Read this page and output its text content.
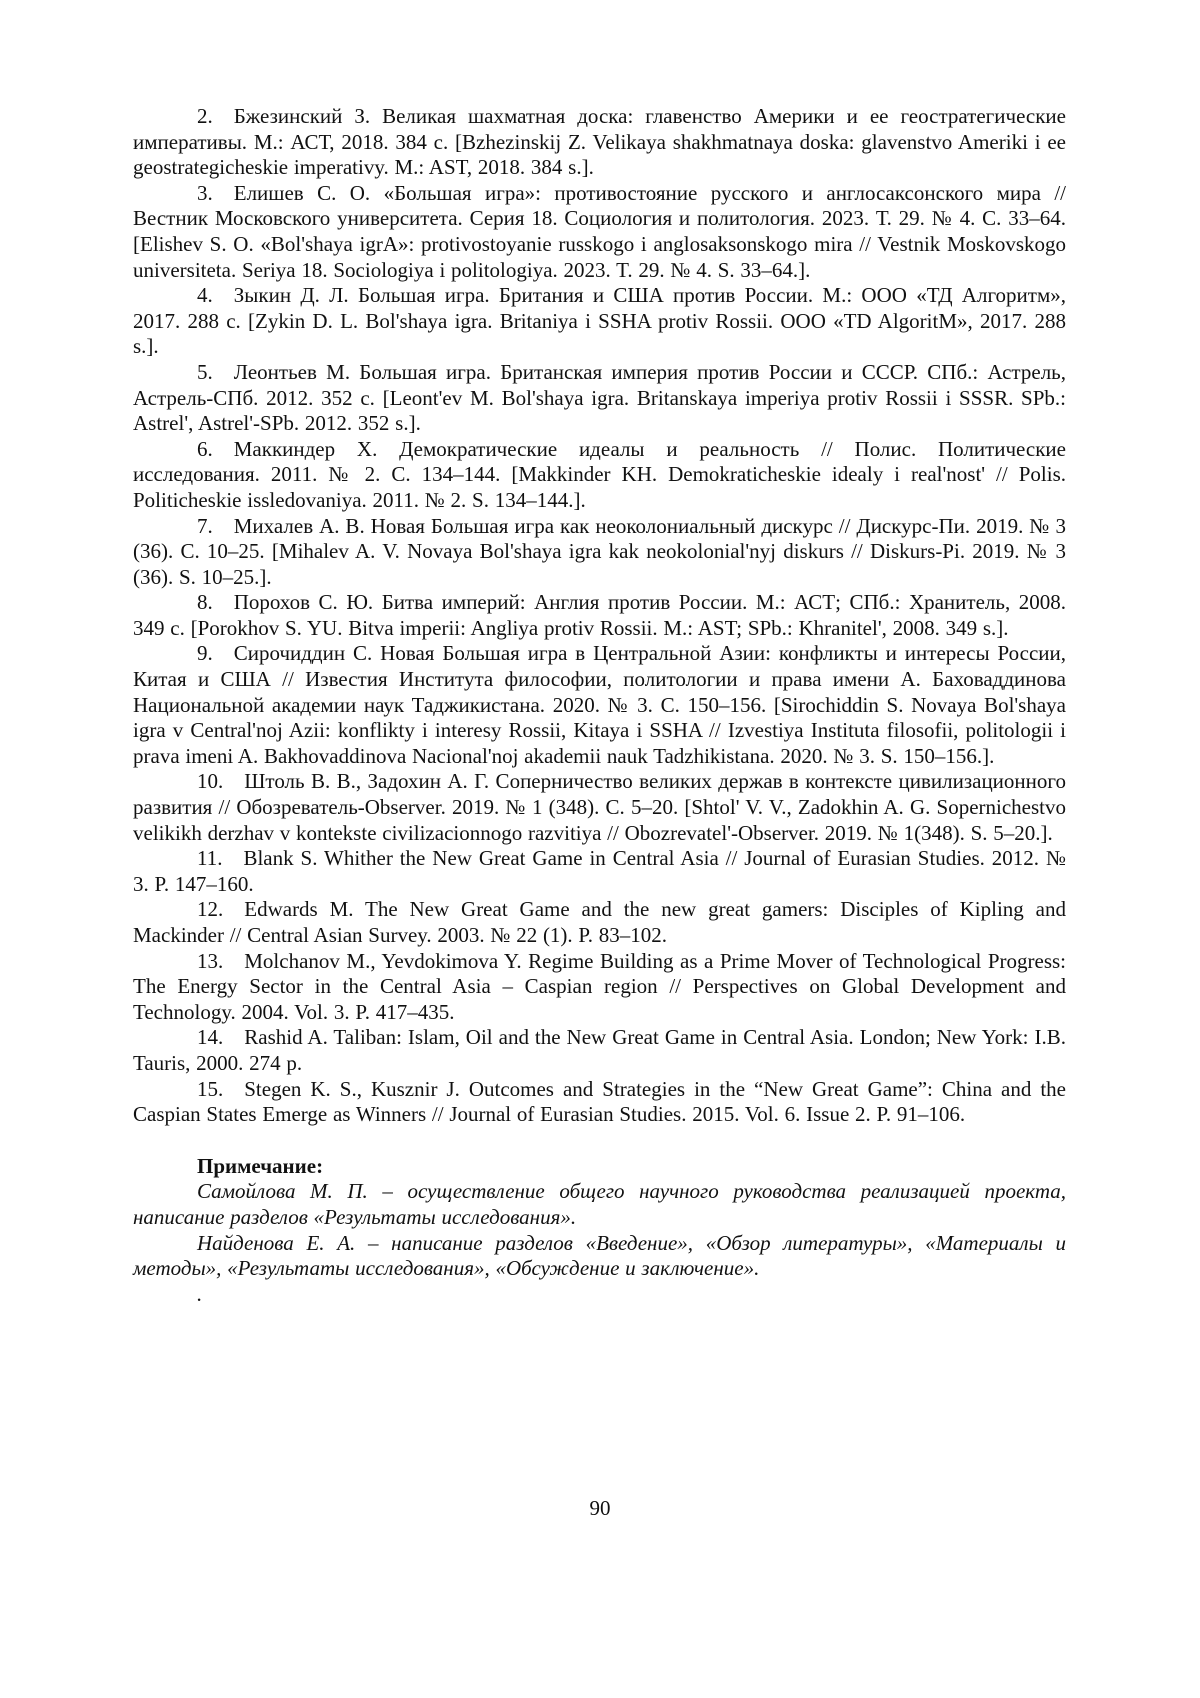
2. Бжезинский З. Великая шахматная доска: главенство Америки и ее геостратегические императивы. М.: АСТ, 2018. 384 с. [Bzhezinskij Z. Velikaya shakhmatnaya doska: glavenstvo Ameriki i ee geostrategicheskie imperativy. M.: AST, 2018. 384 s.].

3. Елишев С. О. «Большая игра»: противостояние русского и англосаксонского мира // Вестник Московского университета. Серия 18. Социология и политология. 2023. Т. 29. № 4. С. 33–64. [Elishev S. O. «Bol'shaya igrA»: protivostoyanie russkogo i anglosaksonskogo mira // Vestnik Moskovskogo universiteta. Seriya 18. Sociologiya i politologiya. 2023. T. 29. № 4. S. 33–64.].

4. Зыкин Д. Л. Большая игра. Британия и США против России. М.: ООО «ТД Алгоритм», 2017. 288 с. [Zykin D. L. Bol'shaya igra. Britaniya i SSHA protiv Rossii. OOO «TD AlgoritM», 2017. 288 s.].

5. Леонтьев М. Большая игра. Британская империя против России и СССР. СПб.: Астрель, Астрель-СПб. 2012. 352 с. [Leont'ev M. Bol'shaya igra. Britanskaya imperiya protiv Rossii i SSSR. SPb.: Astrel', Astrel'-SPb. 2012. 352 s.].

6. Маккиндер Х. Демократические идеалы и реальность // Полис. Политические исследования. 2011. № 2. С. 134–144. [Makkinder KH. Demokraticheskie idealy i real'nost' // Polis. Politicheskie issledovaniya. 2011. № 2. S. 134–144.].

7. Михалев А. В. Новая Большая игра как неоколониальный дискурс // Дискурс-Пи. 2019. № 3 (36). С. 10–25. [Mihalev A. V. Novaya Bol'shaya igra kak neokolonial'nyj diskurs // Diskurs-Pi. 2019. № 3 (36). S. 10–25.].

8. Порохов С. Ю. Битва империй: Англия против России. М.: АСТ; СПб.: Хранитель, 2008. 349 с. [Porokhov S. YU. Bitva imperii: Angliya protiv Rossii. M.: AST; SPb.: Khranitel', 2008. 349 s.].

9. Сирочиддин С. Новая Большая игра в Центральной Азии: конфликты и интересы России, Китая и США // Известия Института философии, политологии и права имени А. Баховаддинова Национальной академии наук Таджикистана. 2020. № 3. С. 150–156. [Sirochiddin S. Novaya Bol'shaya igra v Central'noj Azii: konflikty i interesy Rossii, Kitaya i SSHA // Izvestiya Instituta filosofii, politologii i prava imeni A. Bakhovaddinova Nacional'noj akademii nauk Tadzhikistana. 2020. № 3. S. 150–156.].

10. Штоль В. В., Задохин А. Г. Соперничество великих держав в контексте цивилизационного развития // Обозреватель-Observer. 2019. № 1 (348). С. 5–20. [Shtol' V. V., Zadokhin A. G. Sopernichestvo velikikh derzhav v kontekste civilizacionnogo razvitiya // Obozrevatel'-Observer. 2019. № 1(348). S. 5–20.].

11. Blank S. Whither the New Great Game in Central Asia // Journal of Eurasian Studies. 2012. № 3. P. 147–160.

12. Edwards M. The New Great Game and the new great gamers: Disciples of Kipling and Mackinder // Central Asian Survey. 2003. № 22 (1). P. 83–102.

13. Molchanov M., Yevdokimova Y. Regime Building as a Prime Mover of Technological Progress: The Energy Sector in the Central Asia – Caspian region // Perspectives on Global Development and Technology. 2004. Vol. 3. P. 417–435.

14. Rashid A. Taliban: Islam, Oil and the New Great Game in Central Asia. London; New York: I.B. Tauris, 2000. 274 p.

15. Stegen K. S., Kusznir J. Outcomes and Strategies in the “New Great Game”: China and the Caspian States Emerge as Winners // Journal of Eurasian Studies. 2015. Vol. 6. Issue 2. P. 91–106.

Примечание:

Самойлова М. П. – осуществление общего научного руководства реализацией проекта, написание разделов «Результаты исследования».

Найденова Е. А. – написание разделов «Введение», «Обзор литературы», «Материалы и методы», «Результаты исследования», «Обсуждение и заключение».

.

90
